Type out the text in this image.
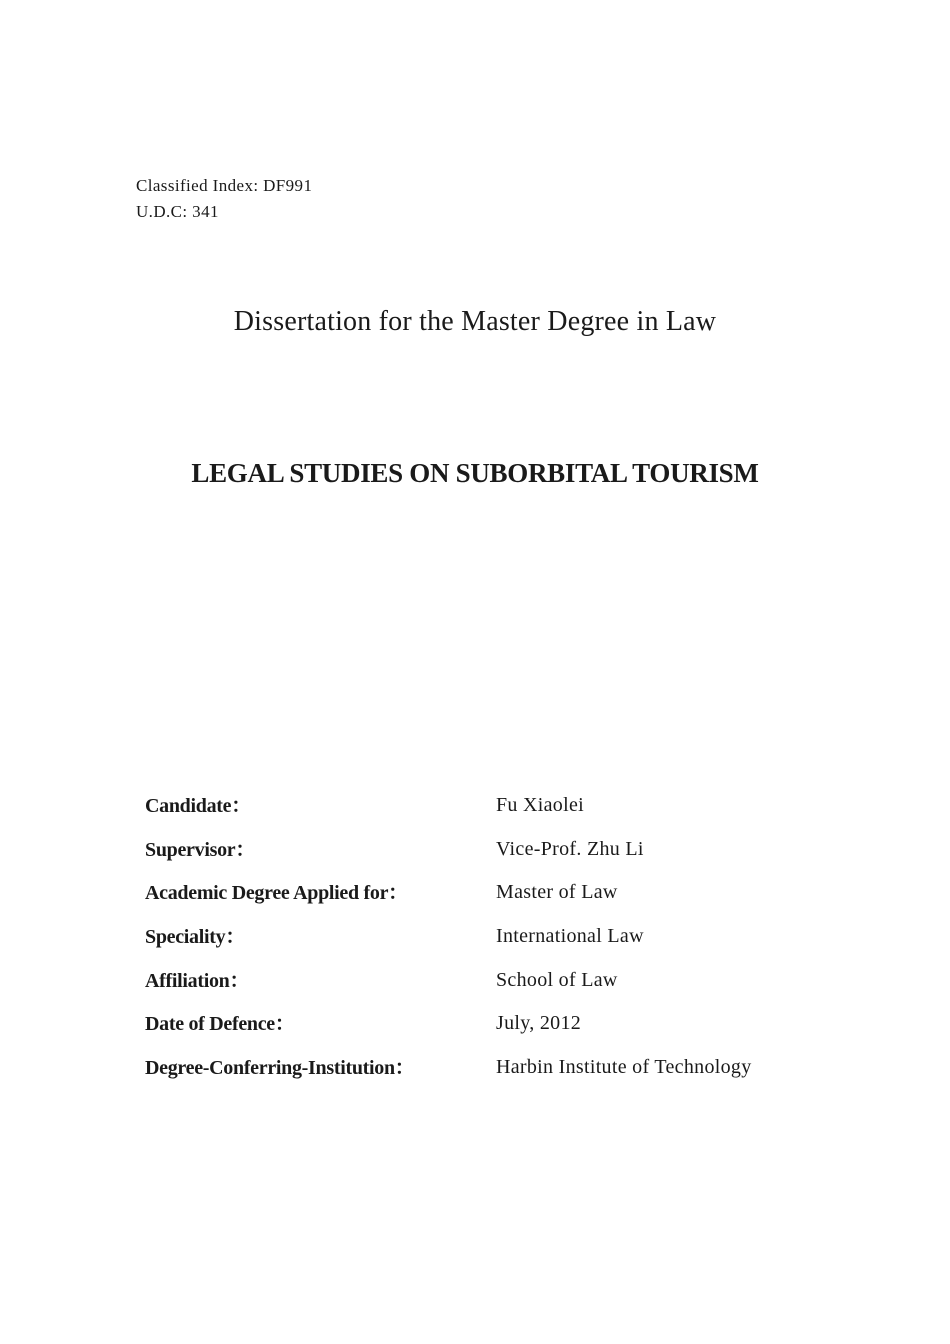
Classified Index: DF991
U.D.C: 341
Dissertation for the Master Degree in Law
LEGAL STUDIES ON SUBORBITAL TOURISM
Candidate：	Fu Xiaolei
Supervisor：	Vice-Prof. Zhu Li
Academic Degree Applied for：	Master of Law
Speciality：	International Law
Affiliation：	School of Law
Date of Defence：	July, 2012
Degree-Conferring-Institution：	Harbin Institute of Technology
